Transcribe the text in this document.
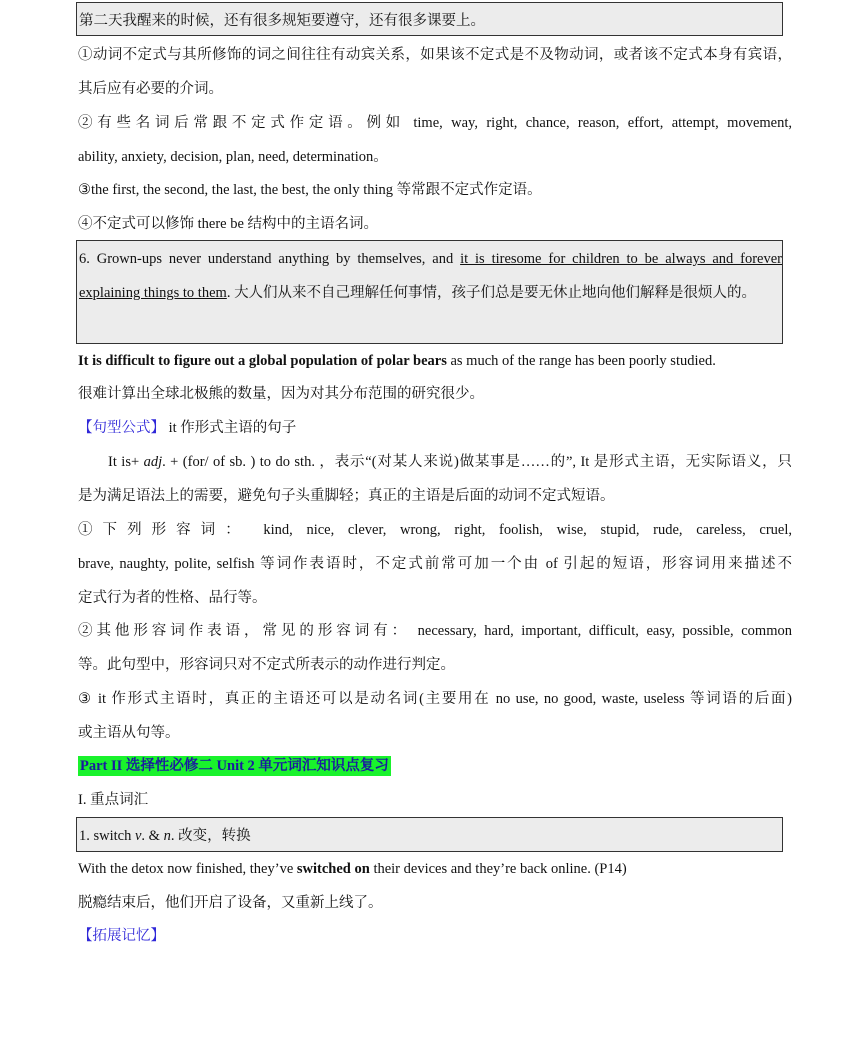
第二天我醒来的时候，还有很多规矩要遵守，还有很多课要上。
①动词不定式与其所修饰的词之间往往有动宾关系，如果该不定式是不及物动词，或者该不定式本身有宾语，
其后应有必要的介词。
②有些名词后常跟不定式作定语。例如 time, way, right, chance, reason, effort, attempt, movement,
ability, anxiety, decision, plan, need, determination。
③the first, the second, the last, the best, the only thing 等常跟不定式作定语。
④不定式可以修饰 there be 结构中的主语名词。
6. Grown-ups never understand anything by themselves, and it is tiresome for children to be always and forever
explaining things to them. 大人们从来不自己理解任何事情，孩子们总是要无休止地向他们解释是很烦人的。
It is difficult to figure out a global population of polar bears as much of the range has been poorly studied.
很难计算出全球北极熊的数量，因为对其分布范围的研究很少。
【句型公式】 it 作形式主语的句子
It is+ adj. + (for/ of sb. ) to do sth. ，表示“(对某人来说)做某事是……的”, It 是形式主语，无实际语义，只
是为满足语法上的需要，避免句子头重脚轻；真正的主语是后面的动词不定式短语。
①下列形容词： kind, nice, clever, wrong, right, foolish, wise, stupid, rude, careless, cruel,
brave, naughty, polite, selfish 等词作表语时，不定式前常可加一个由 of 引起的短语，形容词用来描述不
定式行为者的性格、品行等。
②其他形容词作表语，常见的形容词有： necessary, hard, important, difficult, easy, possible, common
等。此句型中，形容词只对不定式所表示的动作进行判定。
③ it 作形式主语时，真正的主语还可以是动名词(主要用在 no use, no good, waste, useless 等词语的后面)
或主语从句等。
Part II 选择性必修二 Unit 2 单元词汇知识点复习
I. 重点词汇
1. switch v. & n. 改变，转换
With the detox now finished, they’ve switched on their devices and they’re back online. (P14)
脱瘾结束后，他们开启了设备，又重新上线了。
【拓展记忆】
